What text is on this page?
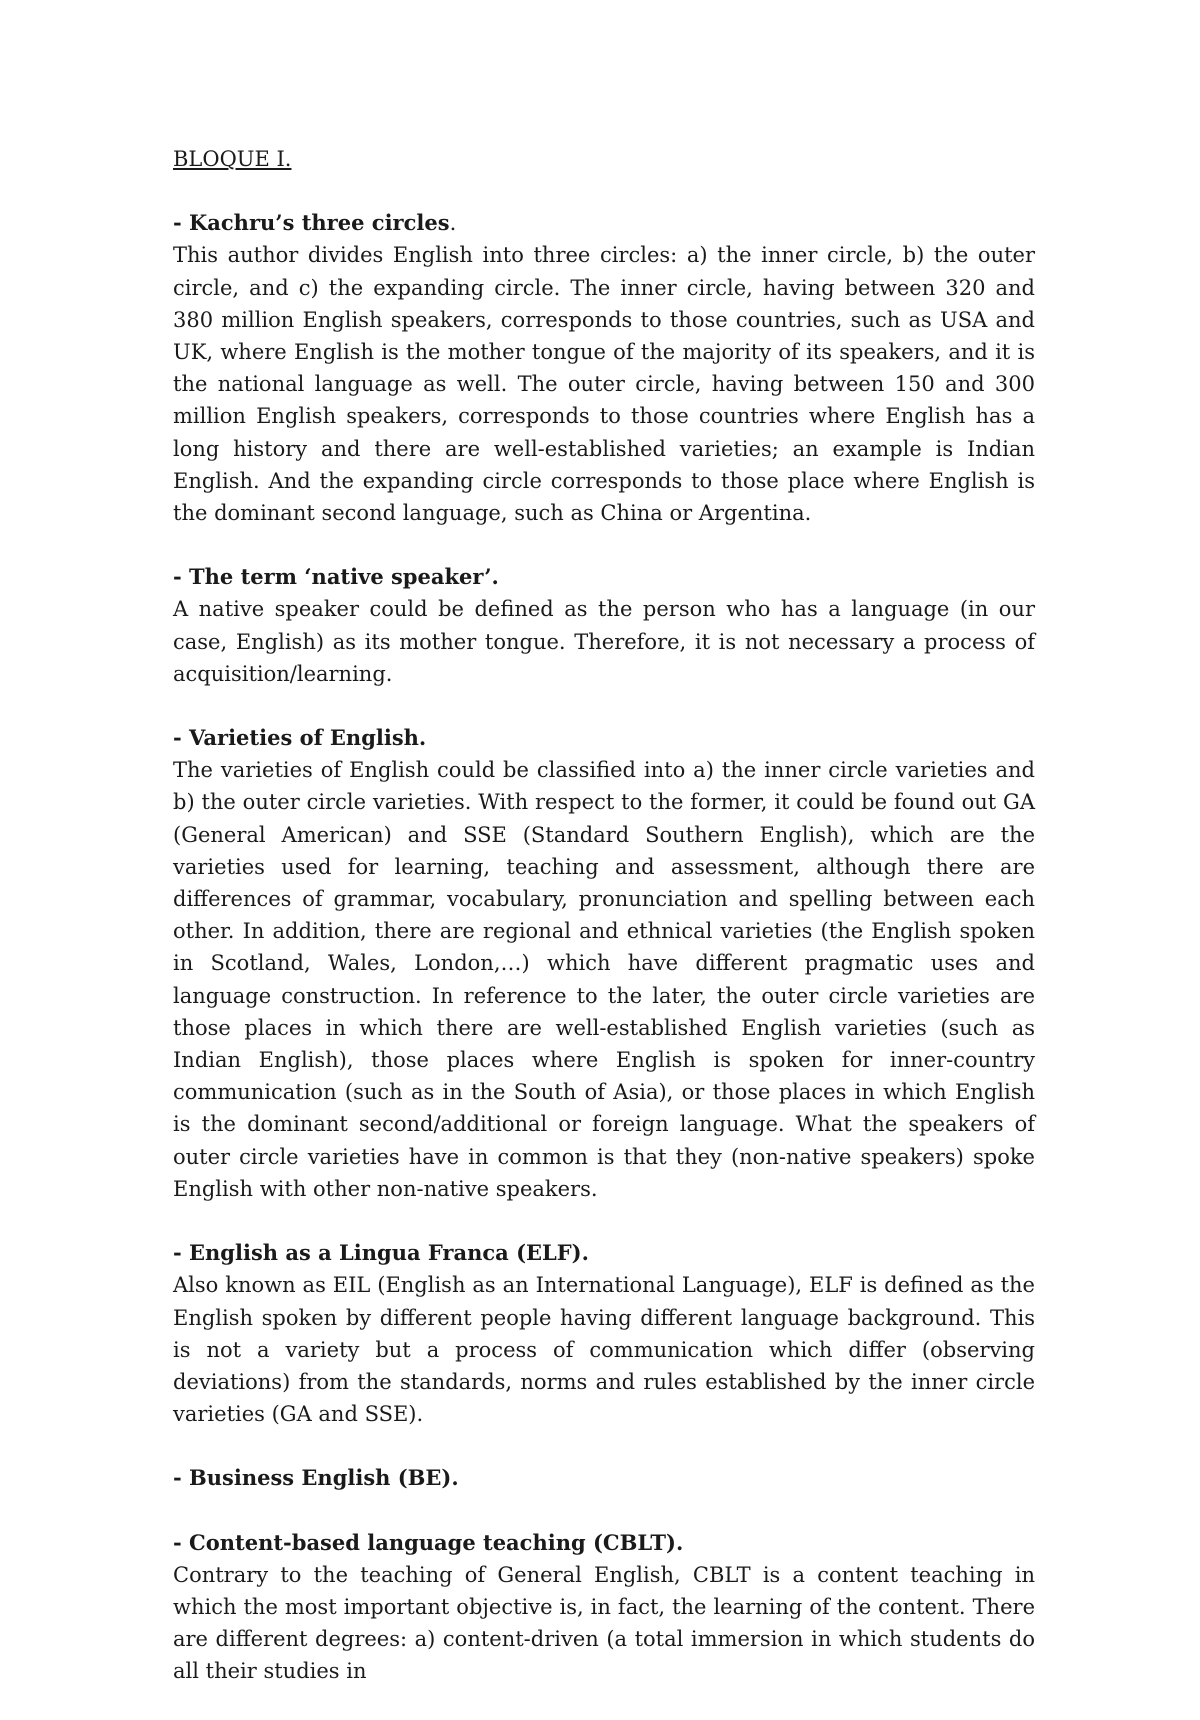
BLOQUE I.

- Kachru’s three circles.

This author divides English into three circles: a) the inner circle, b) the outer circle, and c) the expanding circle. The inner circle, having between 320 and 380 million English speakers, corresponds to those countries, such as USA and UK, where English is the mother tongue of the majority of its speakers, and it is the national language as well. The outer circle, having between 150 and 300 million English speakers, corresponds to those countries where English has a long history and there are well-established varieties; an example is Indian English. And the expanding circle corresponds to those place where English is the dominant second language, such as China or Argentina.

- The term ‘native speaker’.

A native speaker could be defined as the person who has a language (in our case, English) as its mother tongue. Therefore, it is not necessary a process of acquisition/learning.

- Varieties of English.

The varieties of English could be classified into a) the inner circle varieties and b) the outer circle varieties. With respect to the former, it could be found out GA (General American) and SSE (Standard Southern English), which are the varieties used for learning, teaching and assessment, although there are differences of grammar, vocabulary, pronunciation and spelling between each other. In addition, there are regional and ethnical varieties (the English spoken in Scotland, Wales, London,…) which have different pragmatic uses and language construction. In reference to the later, the outer circle varieties are those places in which there are well-established English varieties (such as Indian English), those places where English is spoken for inner-country communication (such as in the South of Asia), or those places in which English is the dominant second/additional or foreign language. What the speakers of outer circle varieties have in common is that they (non-native speakers) spoke English with other non-native speakers.

- English as a Lingua Franca (ELF).

Also known as EIL (English as an International Language), ELF is defined as the English spoken by different people having different language background. This is not a variety but a process of communication which differ (observing deviations) from the standards, norms and rules established by the inner circle varieties (GA and SSE).

- Business English (BE).

- Content-based language teaching (CBLT).

Contrary to the teaching of General English, CBLT is a content teaching in which the most important objective is, in fact, the learning of the content. There are different degrees: a) content-driven (a total immersion in which students do all their studies in
